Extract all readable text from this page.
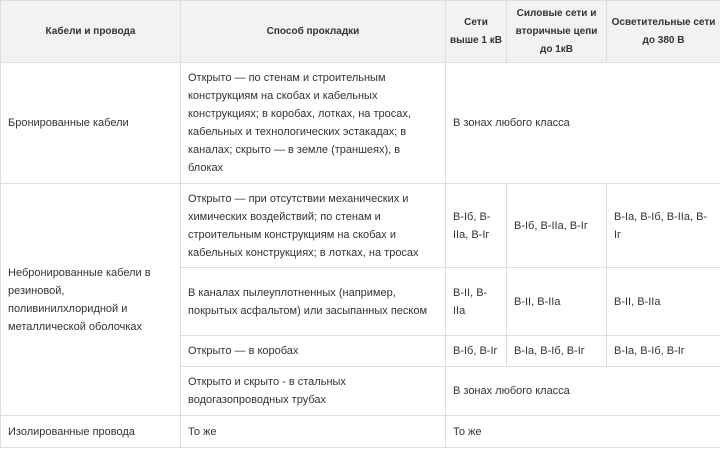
Кабели и провода	Способ прокладки	Сети выше 1 кВ	Силовые сети и вторичные цепи до 1кВ	Осветительные сети до 380 В
Бронированные кабели	Открыто — по стенам и строительным конструкциям на скобах и кабельных конструкциях; в коробах, лотках, на тросах, кабельных и технологических эстакадах; в каналах; скрыто — в земле (траншеях), в блоках	В зонах любого класса		
Небронированные кабели в резиновой, поливинилхлоридной и металлической оболочках	Открыто — при отсутствии механических и химических воздействий; по стенам и строительным конструкциям на скобах и кабельных конструкциях; в лотках, на тросах	В-Iб, В-IIа, В-Iг	В-Iб, В-IIа, В-Iг	В-Iа, В-Iб, В-IIа, В-Iг
	В каналах пылеуплотненных (например, покрытых асфальтом) или засыпанных песком	В-II, В-IIа	В-II, В-IIа	В-II, В-IIа
	Открыто — в коробах	В-Iб, В-Iг	В-Iа, В-Iб, В-Iг	В-Iа, В-Iб, В-Iг
	Открыто и скрыто - в стальных водогазопроводных трубах	В зонах любого класса		
Изолированные провода	То же	То же		
